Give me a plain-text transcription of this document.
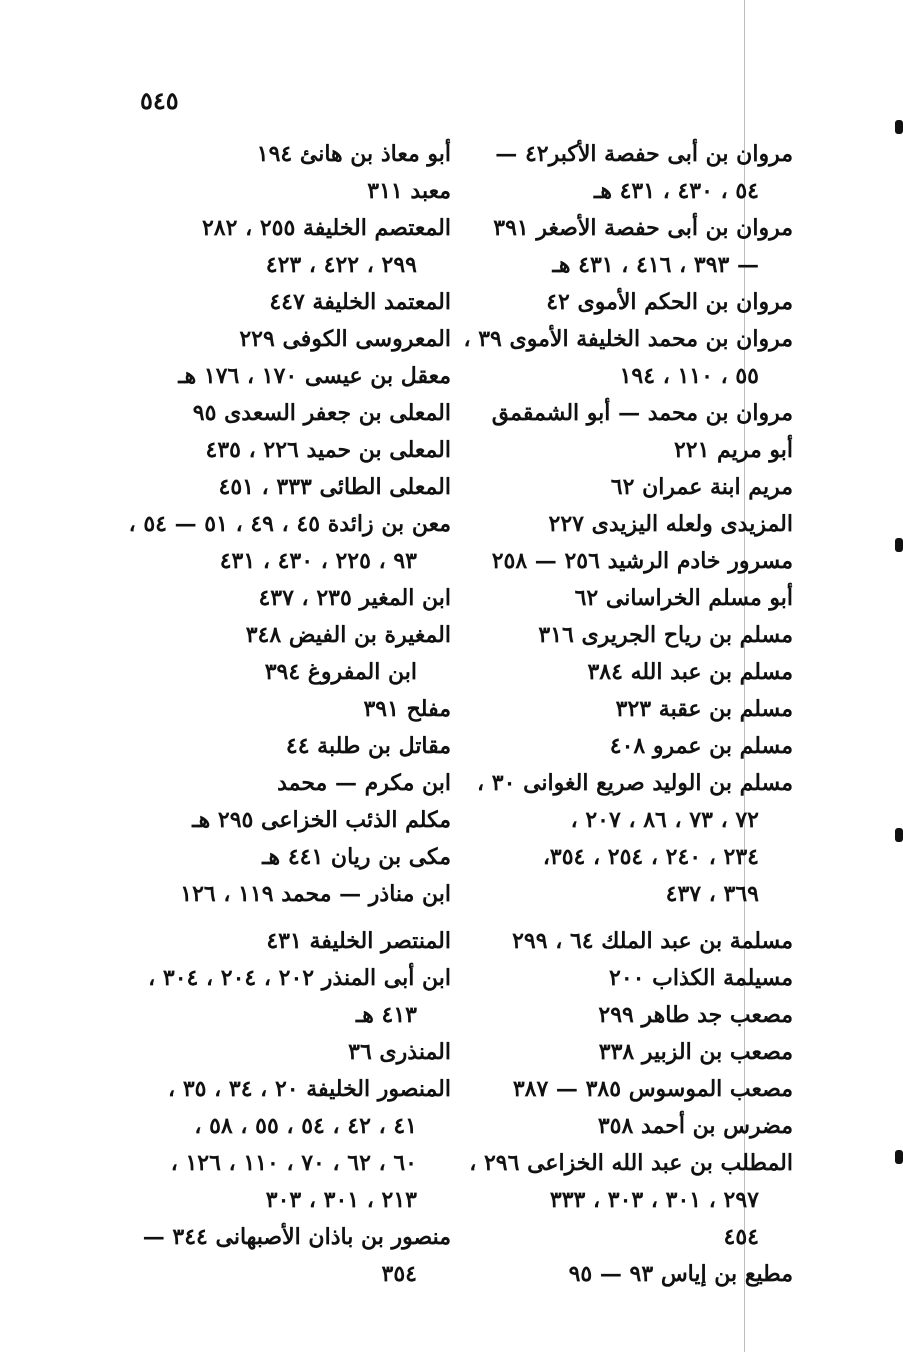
٥٤٥
مروان بن أبى حفصة الأكبر٤٢ —
٥٤ ، ٤٣٠ ، ٤٣١ هـ
مروان بن أبى حفصة الأصغر ٣٩١
— ٣٩٣ ، ٤١٦ ، ٤٣١ هـ
مروان بن الحكم الأموى ٤٢
مروان بن محمد الخليفة الأموى ٣٩ ،
٥٥ ، ١١٠ ، ١٩٤
مروان بن محمد — أبو الشمقمق
أبو مريم ٢٢١
مريم ابنة عمران ٦٢
المزيدى ولعله اليزيدى ٢٢٧
مسرور خادم الرشيد ٢٥٦ — ٢٥٨
أبو مسلم الخراسانى ٦٢
مسلم بن رياح الجريرى ٣١٦
مسلم بن عبد الله ٣٨٤
مسلم بن عقبة ٣٢٣
مسلم بن عمرو ٤٠٨
مسلم بن الوليد صريع الغوانى ٣٠ ،
٧٢ ، ٧٣ ، ٨٦ ، ٢٠٧ ،
٢٣٤ ، ٢٤٠ ، ٢٥٤ ، ٣٥٤،
٣٦٩ ، ٤٣٧
مسلمة بن عبد الملك ٦٤ ، ٢٩٩
مسيلمة الكذاب ٢٠٠
مصعب جد طاهر ٢٩٩
مصعب بن الزبير ٣٣٨
مصعب الموسوس ٣٨٥ — ٣٨٧
مضرس بن أحمد ٣٥٨
المطلب بن عبد الله الخزاعى ٢٩٦ ،
٢٩٧ ، ٣٠١ ، ٣٠٣ ، ٣٣٣
٤٥٤
مطيع بن إياس ٩٣ — ٩٥
أبو معاذ بن هانئ ١٩٤
معبد ٣١١
المعتصم الخليفة ٢٥٥ ، ٢٨٢
٢٩٩ ، ٤٢٢ ، ٤٢٣
المعتمد الخليفة ٤٤٧
المعروسى الكوفى ٢٢٩
معقل بن عيسى ١٧٠ ، ١٧٦ هـ
المعلى بن جعفر السعدى ٩٥
المعلى بن حميد ٢٢٦ ، ٤٣٥
المعلى الطائى ٣٣٣ ، ٤٥١
معن بن زائدة ٤٥ ، ٤٩ ، ٥١ — ٥٤ ،
٩٣ ، ٢٢٥ ، ٤٣٠ ، ٤٣١
ابن المغير ٢٣٥ ، ٤٣٧
المغيرة بن الفيض ٣٤٨
ابن المفروغ ٣٩٤
مفلح ٣٩١
مقاتل بن طلبة ٤٤
ابن مكرم — محمد
مكلم الذئب الخزاعى ٢٩٥ هـ
مكى بن ريان ٤٤١ هـ
ابن مناذر — محمد ١١٩ ، ١٢٦
المنتصر الخليفة ٤٣١
ابن أبى المنذر ٢٠٢ ، ٢٠٤ ، ٣٠٤ ،
٤١٣ هـ
المنذرى ٣٦
المنصور الخليفة ٢٠ ، ٣٤ ، ٣٥ ،
٤١ ، ٤٢ ، ٥٤ ، ٥٥ ، ٥٨ ،
٦٠ ، ٦٢ ، ٧٠ ، ١١٠ ، ١٢٦ ،
٢١٣ ، ٣٠١ ، ٣٠٣
منصور بن باذان الأصبهانى ٣٤٤ —
٣٥٤
